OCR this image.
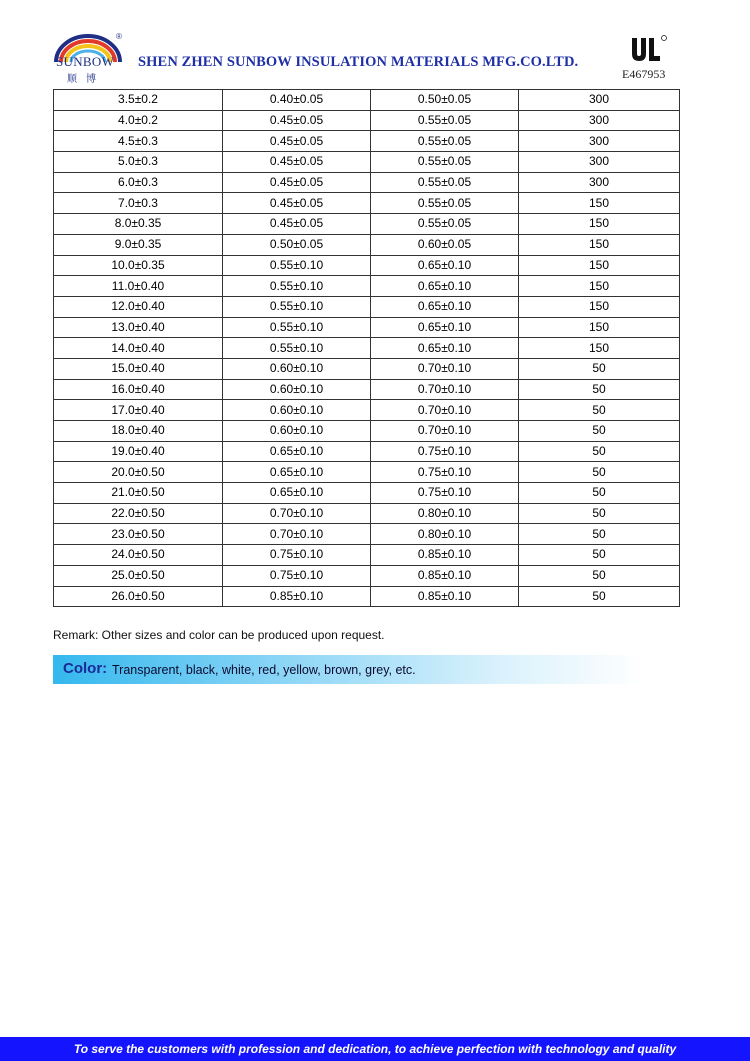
®
SUNBOW
顺博
SHEN ZHEN SUNBOW INSULATION MATERIALS MFG.CO.LTD.
E467953
3.5±0.2	0.40±0.05	0.50±0.05	300
4.0±0.2	0.45±0.05	0.55±0.05	300
4.5±0.3	0.45±0.05	0.55±0.05	300
5.0±0.3	0.45±0.05	0.55±0.05	300
6.0±0.3	0.45±0.05	0.55±0.05	300
7.0±0.3	0.45±0.05	0.55±0.05	150
8.0±0.35	0.45±0.05	0.55±0.05	150
9.0±0.35	0.50±0.05	0.60±0.05	150
10.0±0.35	0.55±0.10	0.65±0.10	150
11.0±0.40	0.55±0.10	0.65±0.10	150
12.0±0.40	0.55±0.10	0.65±0.10	150
13.0±0.40	0.55±0.10	0.65±0.10	150
14.0±0.40	0.55±0.10	0.65±0.10	150
15.0±0.40	0.60±0.10	0.70±0.10	50
16.0±0.40	0.60±0.10	0.70±0.10	50
17.0±0.40	0.60±0.10	0.70±0.10	50
18.0±0.40	0.60±0.10	0.70±0.10	50
19.0±0.40	0.65±0.10	0.75±0.10	50
20.0±0.50	0.65±0.10	0.75±0.10	50
21.0±0.50	0.65±0.10	0.75±0.10	50
22.0±0.50	0.70±0.10	0.80±0.10	50
23.0±0.50	0.70±0.10	0.80±0.10	50
24.0±0.50	0.75±0.10	0.85±0.10	50
25.0±0.50	0.75±0.10	0.85±0.10	50
26.0±0.50	0.85±0.10	0.85±0.10	50
Remark: Other sizes and color can be produced upon request.
Color: Transparent, black, white, red, yellow, brown, grey, etc.
To serve the customers with profession and dedication, to achieve perfection with technology and quality
